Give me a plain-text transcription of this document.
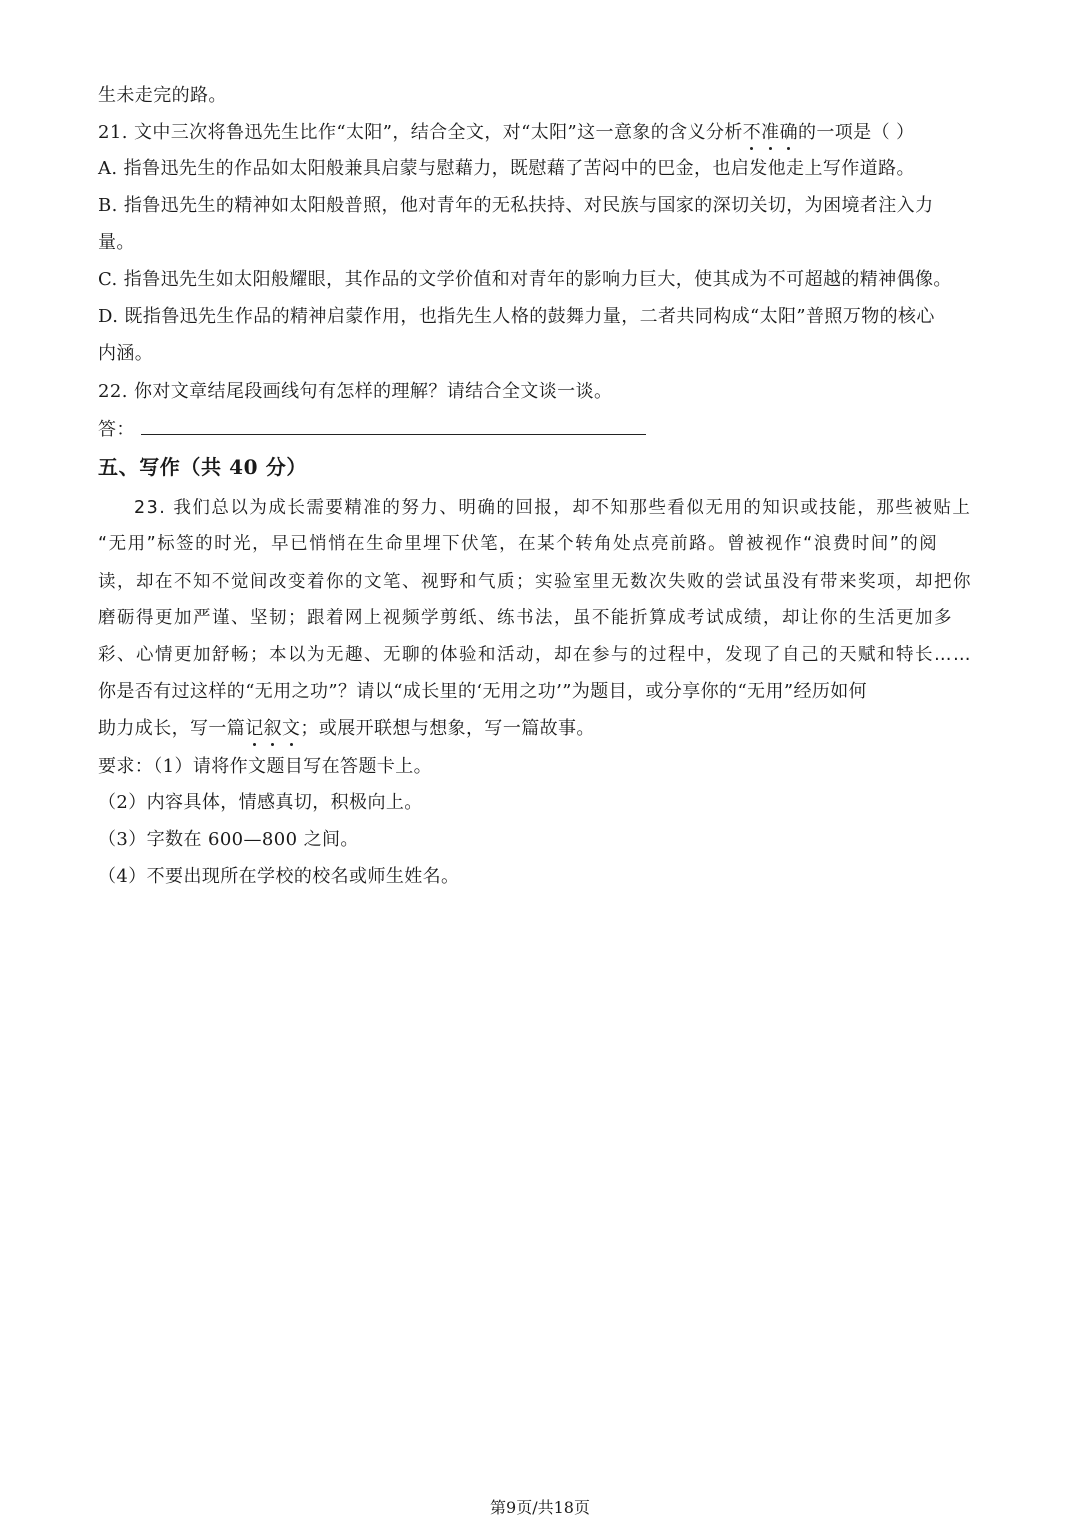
生未走完的路。
21. 文中三次将鲁迅先生比作“太阳”，结合全文，对“太阳”这一意象的含义分析不准确的一项是（ ）
A. 指鲁迅先生的作品如太阳般兼具启蒙与慰藉力，既慰藉了苦闷中的巴金，也启发他走上写作道路。
B. 指鲁迅先生的精神如太阳般普照，他对青年的无私扶持、对民族与国家的深切关切，为困境者注入力
量。
C. 指鲁迅先生如太阳般耀眼，其作品的文学价值和对青年的影响力巨大，使其成为不可超越的精神偶像。
D. 既指鲁迅先生作品的精神启蒙作用，也指先生人格的鼓舞力量，二者共同构成“太阳”普照万物的核心
内涵。
22. 你对文章结尾段画线句有怎样的理解？请结合全文谈一谈。
答：
五、写作（共 40 分）
23. 我们总以为成长需要精准的努力、明确的回报，却不知那些看似无用的知识或技能，那些被贴上
“无用”标签的时光，早已悄悄在生命里埋下伏笔，在某个转角处点亮前路。曾被视作“浪费时间”的阅
读，却在不知不觉间改变着你的文笔、视野和气质；实验室里无数次失败的尝试虽没有带来奖项，却把你
磨砺得更加严谨、坚韧；跟着网上视频学剪纸、练书法，虽不能折算成考试成绩，却让你的生活更加多
彩、心情更加舒畅；本以为无趣、无聊的体验和活动，却在参与的过程中，发现了自己的天赋和特长……
你是否有过这样的“无用之功”？请以“成长里的‘无用之功’”为题目，或分享你的“无用”经历如何
助力成长，写一篇记叙文；或展开联想与想象，写一篇故事。
要求：（1）请将作文题目写在答题卡上。
（2）内容具体，情感真切，积极向上。
（3）字数在 600—800 之间。
（4）不要出现所在学校的校名或师生姓名。
第9页/共18页
